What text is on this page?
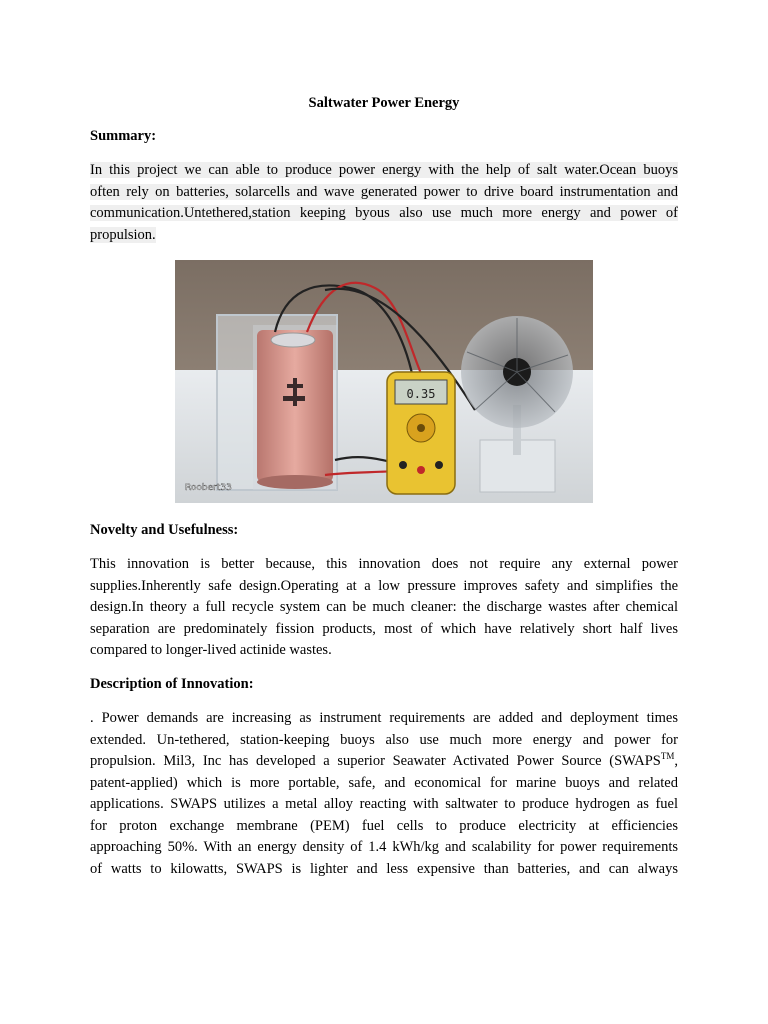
Saltwater Power Energy
Summary:
In this project we can able to produce power energy with the help of salt water.Ocean buoys
often rely on batteries, solarcells and wave generated power to drive board instrumentation and
communication.Untethered,station keeping byous also use much more energy and power of
propulsion.
Novelty and Usefulness:
This innovation is better because, this innovation does not require any external power
supplies.Inherently safe design.Operating at a low pressure improves safety and simplifies the
design.In theory a full recycle system can be much cleaner: the discharge wastes after chemical
separation are predominately fission products, most of which have relatively short half lives
compared to longer-lived actinide wastes.
Description of Innovation:
. Power demands are increasing as instrument requirements are added and deployment times
extended. Un-tethered, station-keeping buoys also use much more energy and power for
propulsion. Mil3, Inc has developed a superior Seawater Activated Power Source (SWAPS™,
patent-applied) which is more portable, safe, and economical for marine buoys and related
applications. SWAPS utilizes a metal alloy reacting with saltwater to produce hydrogen as fuel
for proton exchange membrane (PEM) fuel cells to produce electricity at efficiencies
approaching 50%. With an energy density of 1.4 kWh/kg and scalability for power requirements
of watts to kilowatts, SWAPS is lighter and less expensive than batteries, and can always
0.35
Roobert33
